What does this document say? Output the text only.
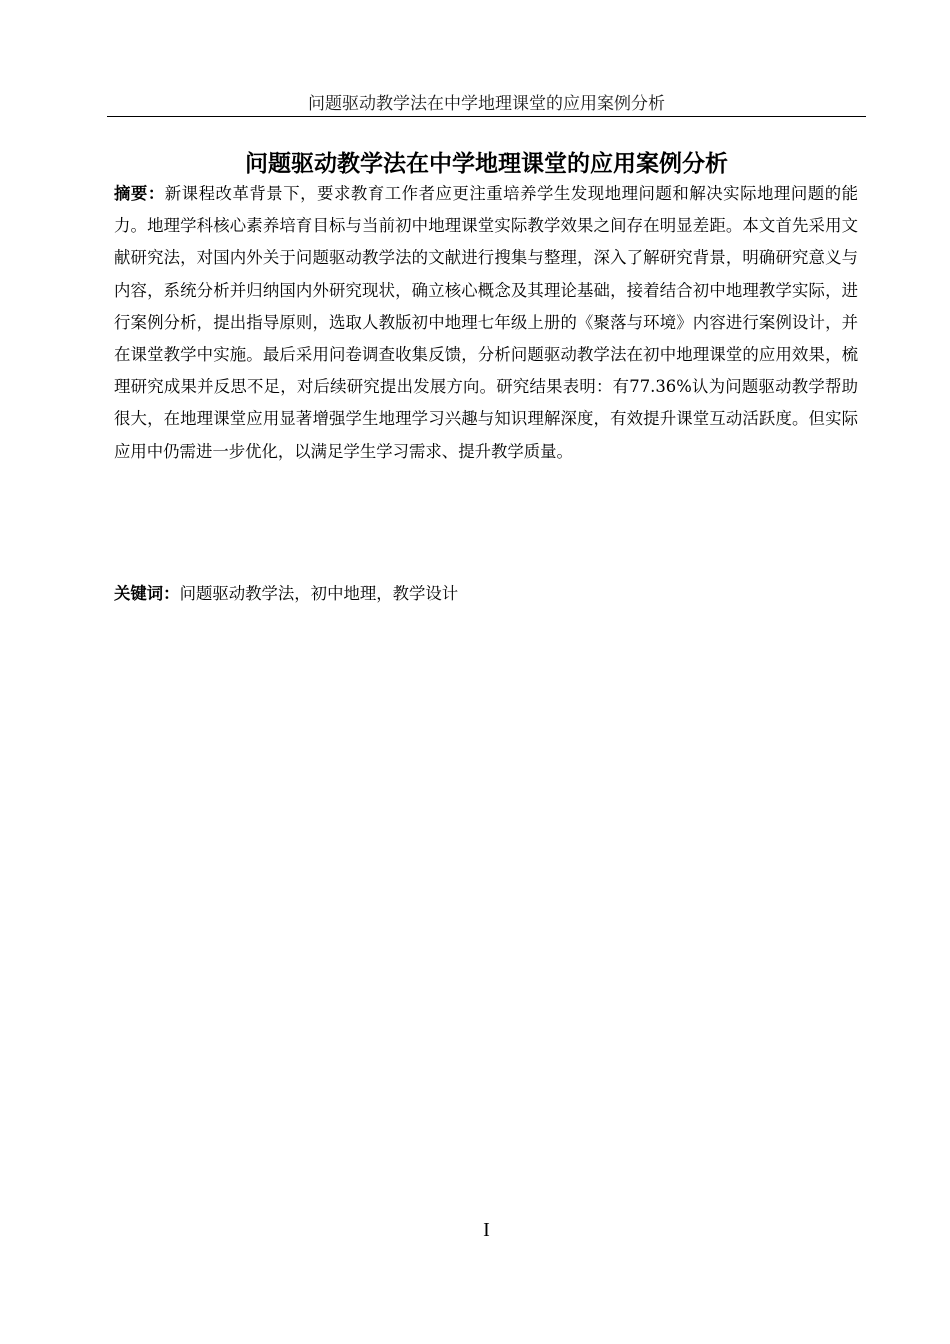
问题驱动教学法在中学地理课堂的应用案例分析
问题驱动教学法在中学地理课堂的应用案例分析

摘要：新课程改革背景下，要求教育工作者应更注重培养学生发现地理问题和解决实际地理问题的能力。地理学科核心素养培育目标与当前初中地理课堂实际教学效果之间存在明显差距。本文首先采用文献研究法，对国内外关于问题驱动教学法的文献进行搜集与整理，深入了解研究背景，明确研究意义与内容，系统分析并归纳国内外研究现状，确立核心概念及其理论基础，接着结合初中地理教学实际，进行案例分析，提出指导原则，选取人教版初中地理七年级上册的《聚落与环境》内容进行案例设计，并在课堂教学中实施。最后采用问卷调查收集反馈，分析问题驱动教学法在初中地理课堂的应用效果，梳理研究成果并反思不足，对后续研究提出发展方向。研究结果表明：有77.36%认为问题驱动教学帮助很大，在地理课堂应用显著增强学生地理学习兴趣与知识理解深度，有效提升课堂互动活跃度。但实际应用中仍需进一步优化，以满足学生学习需求、提升教学质量。

关键词：问题驱动教学法，初中地理，教学设计

I
